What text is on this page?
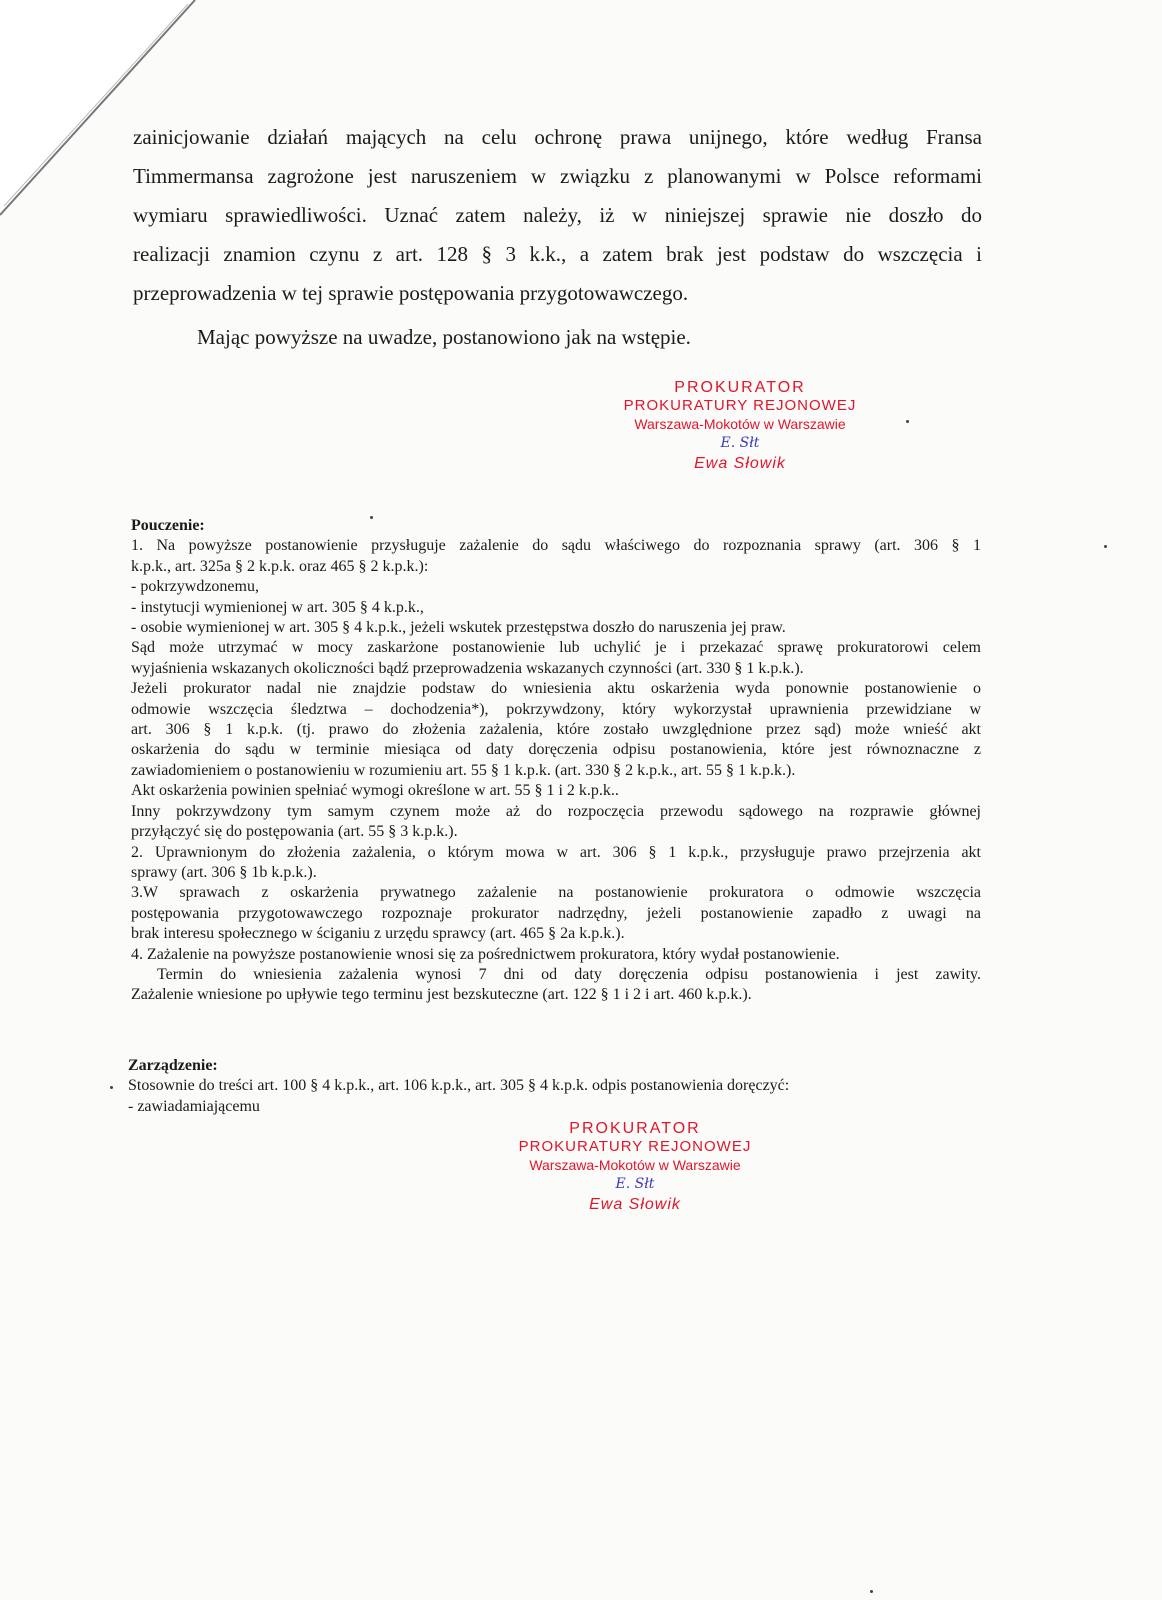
zainicjowanie działań mających na celu ochronę prawa unijnego, które według Fransa
Timmermansa zagrożone jest naruszeniem w związku z planowanymi w Polsce reformami
wymiaru sprawiedliwości. Uznać zatem należy, iż w niniejszej sprawie nie doszło do
realizacji znamion czynu z art. 128 § 3 k.k., a zatem brak jest podstaw do wszczęcia i
przeprowadzenia w tej sprawie postępowania przygotowawczego.
Mając powyższe na uwadze, postanowiono jak na wstępie.
PROKURATOR
PROKURATURY REJONOWEJ
Warszawa-Mokotów w Warszawie
E. Słt
Ewa Słowik
Pouczenie:
1. Na powyższe postanowienie przysługuje zażalenie do sądu właściwego do rozpoznania sprawy (art. 306 § 1
k.p.k., art. 325a § 2 k.p.k. oraz 465 § 2 k.p.k.):
- pokrzywdzonemu,
- instytucji wymienionej w art. 305 § 4 k.p.k.,
- osobie wymienionej w art. 305 § 4 k.p.k., jeżeli wskutek przestępstwa doszło do naruszenia jej praw.
Sąd może utrzymać w mocy zaskarżone postanowienie lub uchylić je i przekazać sprawę prokuratorowi celem
wyjaśnienia wskazanych okoliczności bądź przeprowadzenia wskazanych czynności (art. 330 § 1 k.p.k.).
Jeżeli prokurator nadal nie znajdzie podstaw do wniesienia aktu oskarżenia wyda ponownie postanowienie o
odmowie wszczęcia śledztwa – dochodzenia*), pokrzywdzony, który wykorzystał uprawnienia przewidziane w
art. 306 § 1 k.p.k. (tj. prawo do złożenia zażalenia, które zostało uwzględnione przez sąd) może wnieść akt
oskarżenia do sądu w terminie miesiąca od daty doręczenia odpisu postanowienia, które jest równoznaczne z
zawiadomieniem o postanowieniu w rozumieniu art. 55 § 1 k.p.k. (art. 330 § 2 k.p.k., art. 55 § 1 k.p.k.).
Akt oskarżenia powinien spełniać wymogi określone w art. 55 § 1 i 2 k.p.k..
Inny pokrzywdzony tym samym czynem może aż do rozpoczęcia przewodu sądowego na rozprawie głównej
przyłączyć się do postępowania (art. 55 § 3 k.p.k.).
2. Uprawnionym do złożenia zażalenia, o którym mowa w art. 306 § 1 k.p.k., przysługuje prawo przejrzenia akt
sprawy (art. 306 § 1b k.p.k.).
3.W sprawach z oskarżenia prywatnego zażalenie na postanowienie prokuratora o odmowie wszczęcia
postępowania przygotowawczego rozpoznaje prokurator nadrzędny, jeżeli postanowienie zapadło z uwagi na
brak interesu społecznego w ściganiu z urzędu sprawcy (art. 465 § 2a k.p.k.).
4. Zażalenie na powyższe postanowienie wnosi się za pośrednictwem prokuratora, który wydał postanowienie.
Termin do wniesienia zażalenia wynosi 7 dni od daty doręczenia odpisu postanowienia i jest zawity.
Zażalenie wniesione po upływie tego terminu jest bezskuteczne (art. 122 § 1 i 2 i art. 460 k.p.k.).
Zarządzenie:
Stosownie do treści art. 100 § 4 k.p.k., art. 106 k.p.k., art. 305 § 4 k.p.k. odpis postanowienia doręczyć:
- zawiadamiającemu
PROKURATOR
PROKURATURY REJONOWEJ
Warszawa-Mokotów w Warszawie
E. Słt
Ewa Słowik
